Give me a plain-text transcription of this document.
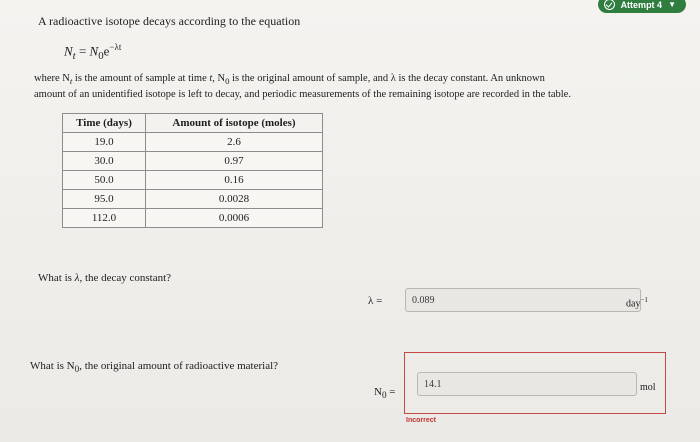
Attempt 4 ▼
A radioactive isotope decays according to the equation
$N_t = N_0e^{-\lambda t}$
where $N_t$ is the amount of sample at time t, $N_0$ is the original amount of sample, and λ is the decay constant. An unknown
amount of an unidentified isotope is left to decay, and periodic measurements of the remaining isotope are recorded in the table.
Time (days)	Amount of isotope (moles)
19.0	2.6
30.0	0.97
50.0	0.16
95.0	0.0028
112.0	0.0006
What is λ, the decay constant?
λ =	0.089	day$^{-1}$
What is $N_0$, the original amount of radioactive material?
$N_0$ =
14.1	mol
Incorrect
